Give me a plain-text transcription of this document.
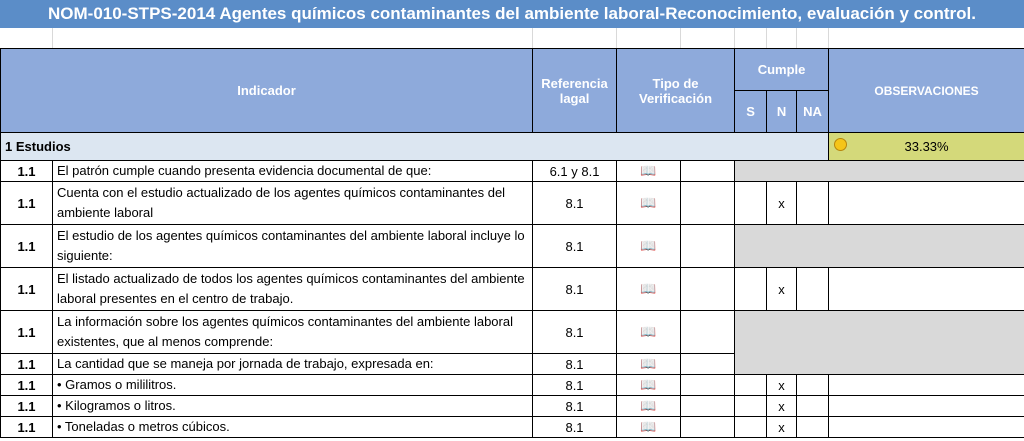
NOM-010-STPS-2014 Agentes químicos contaminantes del ambiente laboral-Reconocimiento, evaluación y control.
Indicador		Referencia lagal	Tipo de Verificación		Cumple			OBSERVACIONES
					S	N	NA	
1 Estudios								33.33%
1.1	El patrón cumple cuando presenta evidencia documental de que:	6.1 y 8.1	📖					
1.1	Cuenta con el estudio actualizado de los agentes químicos contaminantes del ambiente laboral	8.1	📖			x		
1.1	El estudio de los agentes químicos contaminantes del ambiente laboral incluye lo siguiente:	8.1	📖					
1.1	El listado actualizado de todos los agentes químicos contaminantes del ambiente laboral presentes en el centro de trabajo.	8.1	📖			x		
1.1	La información sobre los agentes químicos contaminantes del ambiente laboral existentes, que al menos comprende:	8.1	📖					
1.1	La cantidad que se maneja por jornada de trabajo, expresada en:	8.1	📖					
1.1	• Gramos o mililitros.	8.1	📖			x		
1.1	• Kilogramos o litros.	8.1	📖			x		
1.1	• Toneladas o metros cúbicos.	8.1	📖			x		
